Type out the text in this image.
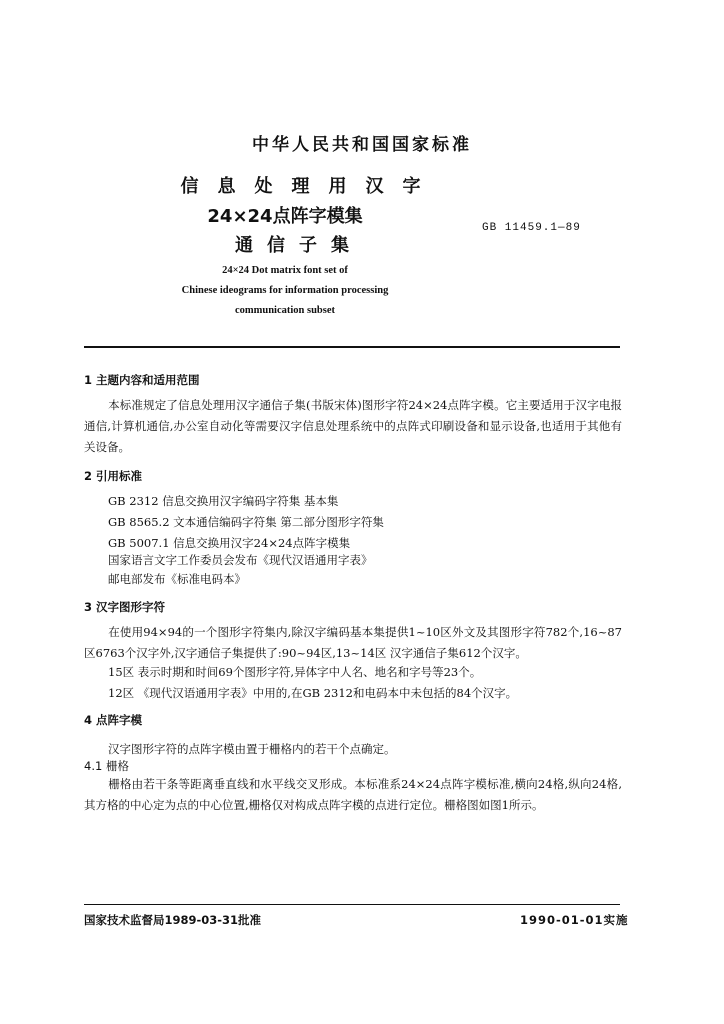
中华人民共和国国家标准
信息处理用汉字
24×24点阵字模集
通信子集
GB 11459.1—89
24×24 Dot matrix font set of
Chinese ideograms for information processing
communication subset
1 主题内容和适用范围
本标准规定了信息处理用汉字通信子集(书版宋体)图形字符24×24点阵字模。它主要适用于汉字电报通信,计算机通信,办公室自动化等需要汉字信息处理系统中的点阵式印刷设备和显示设备,也适用于其他有关设备。
2 引用标准
GB 2312 信息交换用汉字编码字符集 基本集
GB 8565.2 文本通信编码字符集 第二部分图形字符集
GB 5007.1 信息交换用汉字24×24点阵字模集
国家语言文字工作委员会发布《现代汉语通用字表》
邮电部发布《标准电码本》
3 汉字图形字符
在使用94×94的一个图形字符集内,除汉字编码基本集提供1~10区外文及其图形字符782个,16~87区6763个汉字外,汉字通信子集提供了:90~94区,13~14区 汉字通信子集612个汉字。
15区 表示时期和时间69个图形字符,异体字中人名、地名和字号等23个。
12区 《现代汉语通用字表》中用的,在GB 2312和电码本中未包括的84个汉字。
4 点阵字模
汉字图形字符的点阵字模由置于栅格内的若干个点确定。
4.1 栅格
栅格由若干条等距离垂直线和水平线交叉形成。本标准系24×24点阵字模标准,横向24格,纵向24格,其方格的中心定为点的中心位置,栅格仅对构成点阵字模的点进行定位。栅格图如图1所示。
国家技术监督局1989-03-31批准	1990-01-01实施
